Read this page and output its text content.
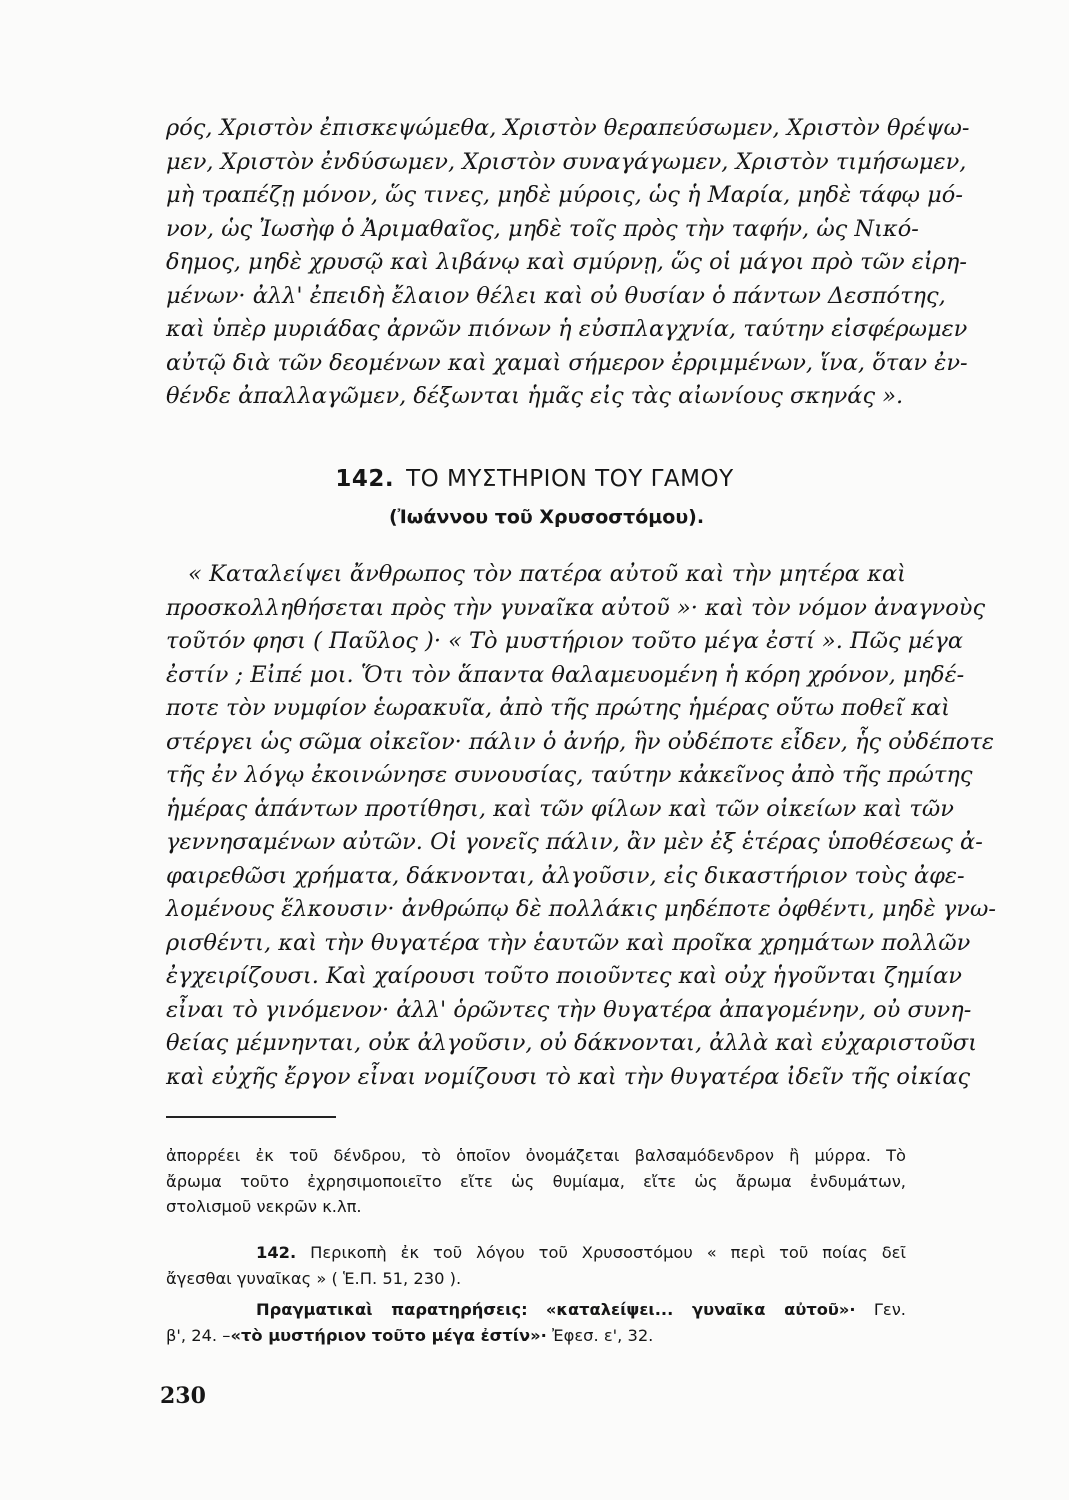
ρός, Χριστὸν ἐπισκεψώμεθα, Χριστὸν θεραπεύσωμεν, Χριστὸν θρέψω-
μεν, Χριστὸν ἐνδύσωμεν, Χριστὸν συναγάγωμεν, Χριστὸν τιμήσωμεν,
μὴ τραπέζῃ μόνον, ὥς τινες, μηδὲ μύροις, ὡς ἡ Μαρία, μηδὲ τάφῳ μό-
νον, ὡς Ἰωσὴφ ὁ Ἀριμαθαῖος, μηδὲ τοῖς πρὸς τὴν ταφήν, ὡς Νικό-
δημος, μηδὲ χρυσῷ καὶ λιβάνῳ καὶ σμύρνῃ, ὥς οἱ μάγοι πρὸ τῶν εἰρη-
μένων· ἀλλ' ἐπειδὴ ἔλαιον θέλει καὶ οὐ θυσίαν ὁ πάντων Δεσπότης,
καὶ ὑπὲρ μυριάδας ἀρνῶν πιόνων ἡ εὐσπλαγχνία, ταύτην εἰσφέρωμεν
αὐτῷ διὰ τῶν δεομένων καὶ χαμαὶ σήμερον ἐρριμμένων, ἵνα, ὅταν ἐν-
θένδε ἀπαλλαγῶμεν, δέξωνται ἡμᾶς εἰς τὰς αἰωνίους σκηνάς ».
142. ΤΟ ΜΥΣΤΗΡΙΟΝ ΤΟΥ ΓΑΜΟΥ
(Ἰωάννου τοῦ Χρυσοστόμου).
« Καταλείψει ἄνθρωπος τὸν πατέρα αὐτοῦ καὶ τὴν μητέρα καὶ
προσκολληθήσεται πρὸς τὴν γυναῖκα αὐτοῦ »· καὶ τὸν νόμον ἀναγνοὺς
τοῦτόν φησι ( Παῦλος )· « Τὸ μυστήριον τοῦτο μέγα ἐστί ». Πῶς μέγα
ἐστίν ; Εἰπέ μοι. Ὅτι τὸν ἅπαντα θαλαμευομένη ἡ κόρη χρόνον, μηδέ-
ποτε τὸν νυμφίον ἑωρακυῖα, ἀπὸ τῆς πρώτης ἡμέρας οὕτω ποθεῖ καὶ
στέργει ὡς σῶμα οἰκεῖον· πάλιν ὁ ἀνήρ, ἣν οὐδέποτε εἶδεν, ἧς οὐδέποτε
τῆς ἐν λόγῳ ἐκοινώνησε συνουσίας, ταύτην κἀκεῖνος ἀπὸ τῆς πρώτης
ἡμέρας ἁπάντων προτίθησι, καὶ τῶν φίλων καὶ τῶν οἰκείων καὶ τῶν
γεννησαμένων αὐτῶν. Οἱ γονεῖς πάλιν, ἂν μὲν ἐξ ἑτέρας ὑποθέσεως ἀ-
φαιρεθῶσι χρήματα, δάκνονται, ἀλγοῦσιν, εἰς δικαστήριον τοὺς ἀφε-
λομένους ἕλκουσιν· ἀνθρώπῳ δὲ πολλάκις μηδέποτε ὀφθέντι, μηδὲ γνω-
ρισθέντι, καὶ τὴν θυγατέρα τὴν ἑαυτῶν καὶ προῖκα χρημάτων πολλῶν
ἐγχειρίζουσι. Καὶ χαίρουσι τοῦτο ποιοῦντες καὶ οὐχ ἡγοῦνται ζημίαν
εἶναι τὸ γινόμενον· ἀλλ' ὁρῶντες τὴν θυγατέρα ἀπαγομένην, οὐ συνη-
θείας μέμνηνται, οὐκ ἀλγοῦσιν, οὐ δάκνονται, ἀλλὰ καὶ εὐχαριστοῦσι
καὶ εὐχῆς ἔργον εἶναι νομίζουσι τὸ καὶ τὴν θυγατέρα ἰδεῖν τῆς οἰκίας
ἀπορρέει ἐκ τοῦ δένδρου, τὸ ὁποῖον ὀνομάζεται βαλσαμόδενδρον ἢ μύρρα. Τὸ
ἄρωμα τοῦτο ἐχρησιμοποιεῖτο εἴτε ὡς θυμίαμα, εἴτε ὡς ἄρωμα ἐνδυμάτων,
στολισμοῦ νεκρῶν κ.λπ.
142. Περικοπὴ ἐκ τοῦ λόγου τοῦ Χρυσοστόμου « περὶ τοῦ ποίας δεῖ
ἄγεσθαι γυναῖκας » ( Ἑ.Π. 51, 230 ).
Πραγματικαὶ παρατηρήσεις: «καταλείψει... γυναῖκα αὐτοῦ»· Γεν.
β', 24. –«τὸ μυστήριον τοῦτο μέγα ἐστίν»· Ἐφεσ. ε', 32.
230
